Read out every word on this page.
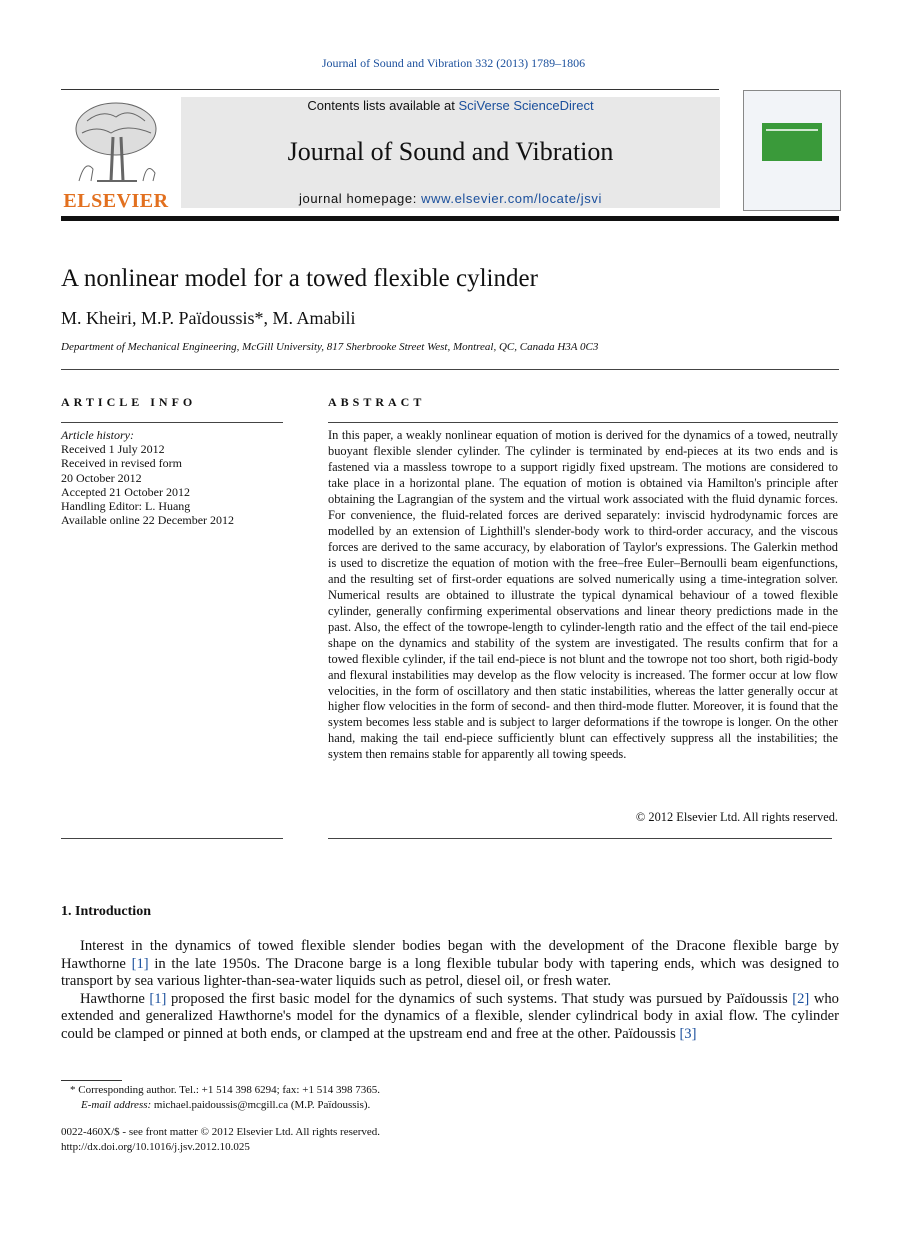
Journal of Sound and Vibration 332 (2013) 1789–1806
ELSEVIER
Contents lists available at SciVerse ScienceDirect
Journal of Sound and Vibration
journal homepage: www.elsevier.com/locate/jsvi
A nonlinear model for a towed flexible cylinder
M. Kheiri, M.P. Païdoussis*, M. Amabili
Department of Mechanical Engineering, McGill University, 817 Sherbrooke Street West, Montreal, QC, Canada H3A 0C3
ARTICLE INFO
Article history:
Received 1 July 2012
Received in revised form
20 October 2012
Accepted 21 October 2012
Handling Editor: L. Huang
Available online 22 December 2012
ABSTRACT
In this paper, a weakly nonlinear equation of motion is derived for the dynamics of a towed, neutrally buoyant flexible slender cylinder. The cylinder is terminated by end-pieces at its two ends and is fastened via a massless towrope to a support rigidly fixed upstream. The motions are considered to take place in a horizontal plane. The equation of motion is obtained via Hamilton's principle after obtaining the Lagrangian of the system and the virtual work associated with the fluid dynamic forces. For convenience, the fluid-related forces are derived separately: inviscid hydrodynamic forces are modelled by an extension of Lighthill's slender-body work to third-order accuracy, and the viscous forces are derived to the same accuracy, by elaboration of Taylor's expressions. The Galerkin method is used to discretize the equation of motion with the free–free Euler–Bernoulli beam eigenfunctions, and the resulting set of first-order equations are solved numerically using a time-integration solver. Numerical results are obtained to illustrate the typical dynamical behaviour of a towed flexible cylinder, generally confirming experimental observations and linear theory predictions made in the past. Also, the effect of the towrope-length to cylinder-length ratio and the effect of the tail end-piece shape on the dynamics and stability of the system are investigated. The results confirm that for a towed flexible cylinder, if the tail end-piece is not blunt and the towrope not too short, both rigid-body and flexural instabilities may develop as the flow velocity is increased. The former occur at low flow velocities, in the form of oscillatory and then static instabilities, whereas the latter generally occur at higher flow velocities in the form of second- and then third-mode flutter. Moreover, it is found that the system becomes less stable and is subject to larger deformations if the towrope is longer. On the other hand, making the tail end-piece sufficiently blunt can effectively suppress all the instabilities; the system then remains stable for apparently all towing speeds.
© 2012 Elsevier Ltd. All rights reserved.
1. Introduction

Interest in the dynamics of towed flexible slender bodies began with the development of the Dracone flexible barge by Hawthorne [1] in the late 1950s. The Dracone barge is a long flexible tubular body with tapering ends, which was designed to transport by sea various lighter-than-sea-water liquids such as petrol, diesel oil, or fresh water.

Hawthorne [1] proposed the first basic model for the dynamics of such systems. That study was pursued by Païdoussis [2] who extended and generalized Hawthorne's model for the dynamics of a flexible, slender cylindrical body in axial flow. The cylinder could be clamped or pinned at both ends, or clamped at the upstream end and free at the other. Païdoussis [3]

* Corresponding author. Tel.: +1 514 398 6294; fax: +1 514 398 7365.
E-mail address: michael.paidoussis@mcgill.ca (M.P. Païdoussis).
0022-460X/$ - see front matter © 2012 Elsevier Ltd. All rights reserved.
http://dx.doi.org/10.1016/j.jsv.2012.10.025
